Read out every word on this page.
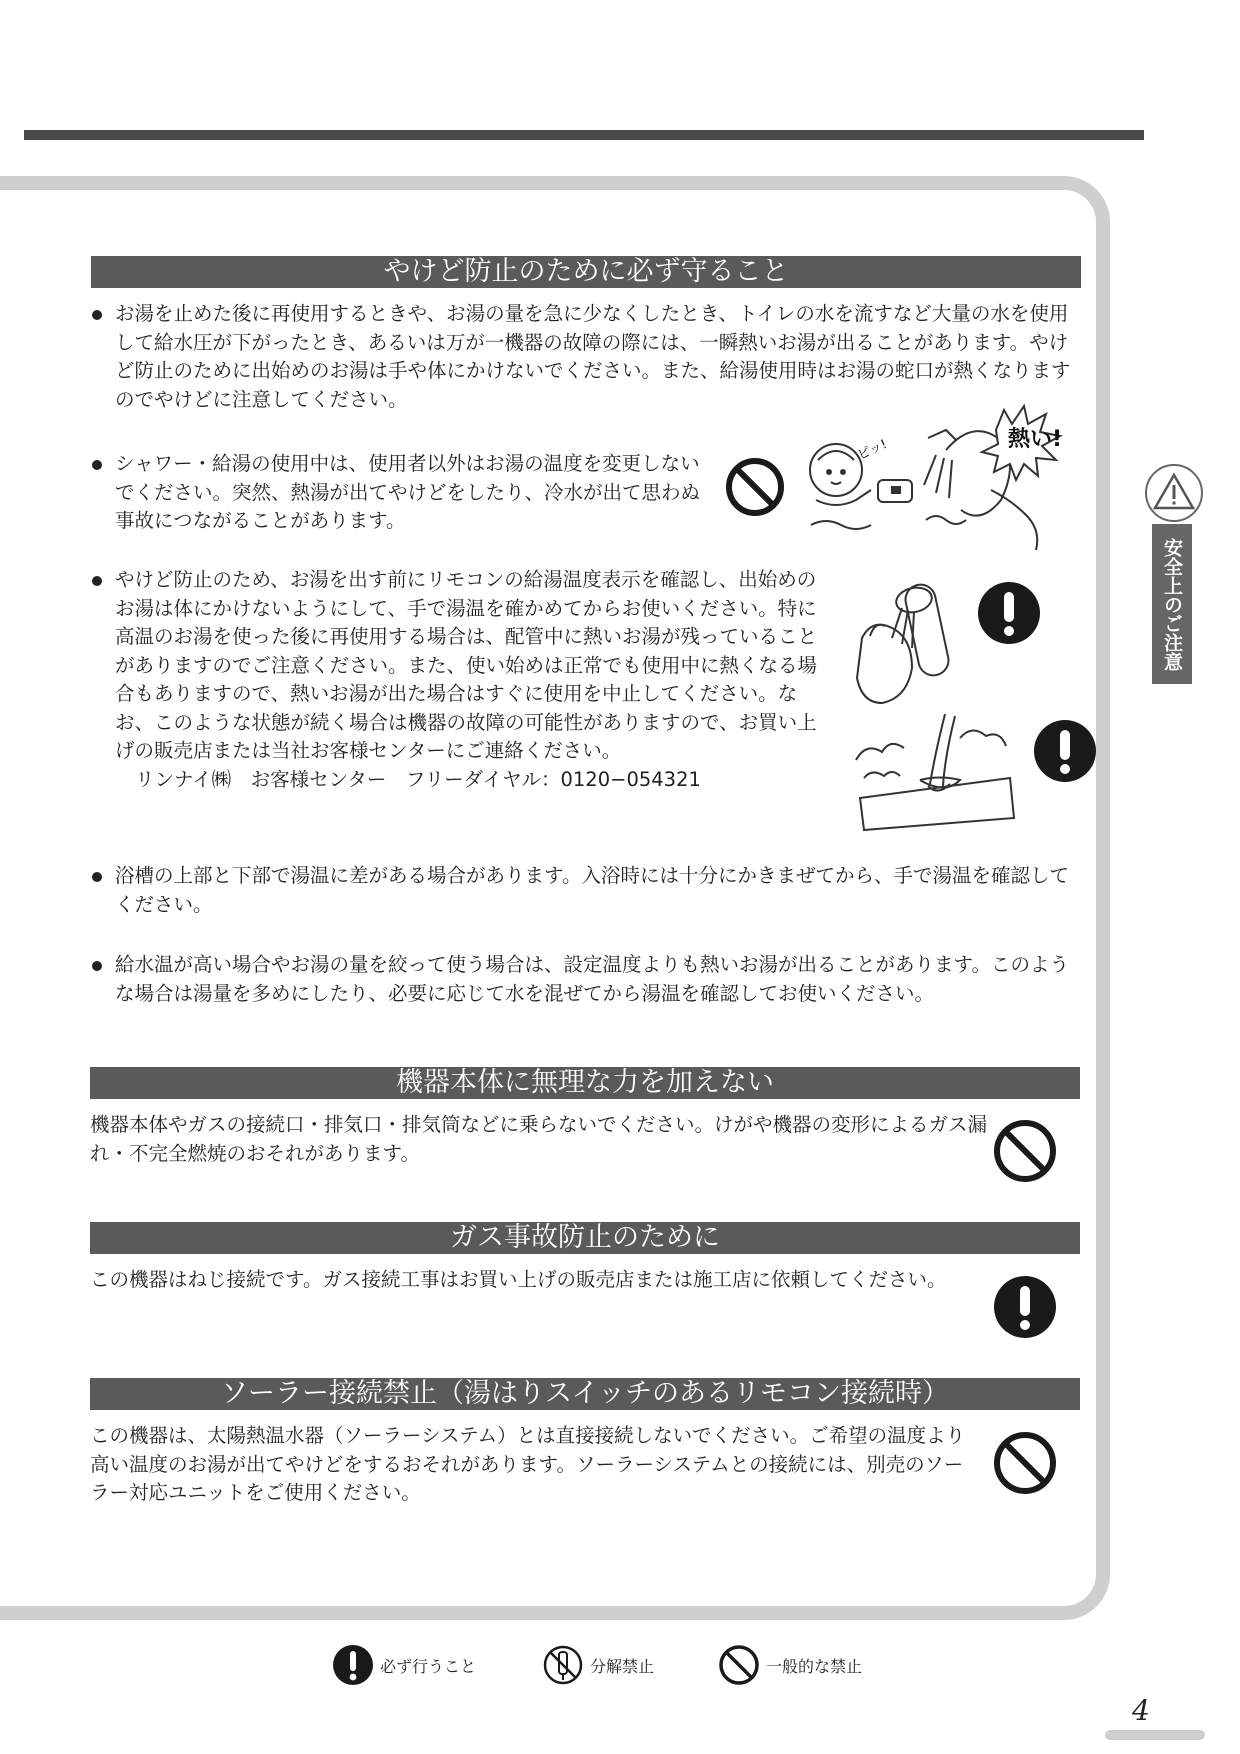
安全上のご注意
やけど防止のために必ず守ること
お湯を止めた後に再使用するときや、お湯の量を急に少なくしたとき、トイレの水を流すなど大量の水を使用して給水圧が下がったとき、あるいは万が一機器の故障の際には、一瞬熱いお湯が出ることがあります。やけど防止のために出始めのお湯は手や体にかけないでください。また、給湯使用時はお湯の蛇口が熱くなりますのでやけどに注意してください。
シャワー・給湯の使用中は、使用者以外はお湯の温度を変更しないでください。突然、熱湯が出てやけどをしたり、冷水が出て思わぬ事故につながることがあります。
熱い!
ピッ!
やけど防止のため、お湯を出す前にリモコンの給湯温度表示を確認し、出始めのお湯は体にかけないようにして、手で湯温を確かめてからお使いください。特に高温のお湯を使った後に再使用する場合は、配管中に熱いお湯が残っていることがありますのでご注意ください。また、使い始めは正常でも使用中に熱くなる場合もありますので、熱いお湯が出た場合はすぐに使用を中止してください。なお、このような状態が続く場合は機器の故障の可能性がありますので、お買い上げの販売店または当社お客様センターにご連絡ください。
リンナイ㈱　お客様センター　フリーダイヤル：0120−054321
浴槽の上部と下部で湯温に差がある場合があります。入浴時には十分にかきまぜてから、手で湯温を確認してください。
給水温が高い場合やお湯の量を絞って使う場合は、設定温度よりも熱いお湯が出ることがあります。このような場合は湯量を多めにしたり、必要に応じて水を混ぜてから湯温を確認してお使いください。
機器本体に無理な力を加えない
機器本体やガスの接続口・排気口・排気筒などに乗らないでください。けがや機器の変形によるガス漏れ・不完全燃焼のおそれがあります。
ガス事故防止のために
この機器はねじ接続です。ガス接続工事はお買い上げの販売店または施工店に依頼してください。
ソーラー接続禁止（湯はりスイッチのあるリモコン接続時）
この機器は、太陽熱温水器（ソーラーシステム）とは直接接続しないでください。ご希望の温度より高い温度のお湯が出てやけどをするおそれがあります。ソーラーシステムとの接続には、別売のソーラー対応ユニットをご使用ください。
必ず行うこと	分解禁止	一般的な禁止
4
